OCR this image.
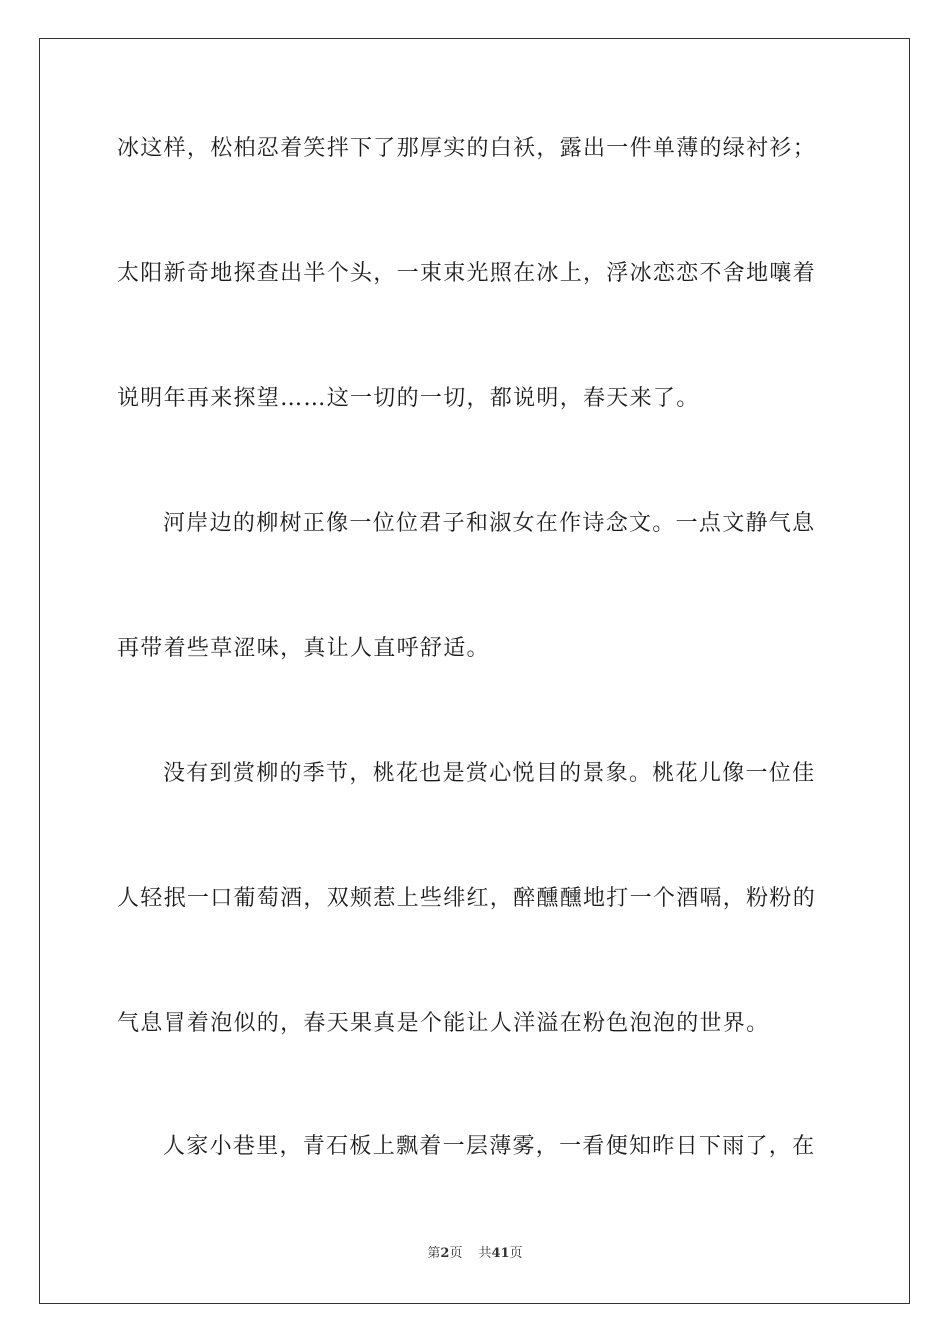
冰这样，松柏忍着笑拌下了那厚实的白袄，露出一件单薄的绿衬衫；
太阳新奇地探查出半个头，一束束光照在冰上，浮冰恋恋不舍地嚷着
说明年再来探望……这一切的一切，都说明，春天来了。
河岸边的柳树正像一位位君子和淑女在作诗念文。一点文静气息
再带着些草涩味，真让人直呼舒适。
没有到赏柳的季节，桃花也是赏心悦目的景象。桃花儿像一位佳
人轻抿一口葡萄酒，双颊惹上些绯红，醉醺醺地打一个酒嗝，粉粉的
气息冒着泡似的，春天果真是个能让人洋溢在粉色泡泡的世界。
人家小巷里，青石板上飘着一层薄雾，一看便知昨日下雨了，在
第2页 共41页
